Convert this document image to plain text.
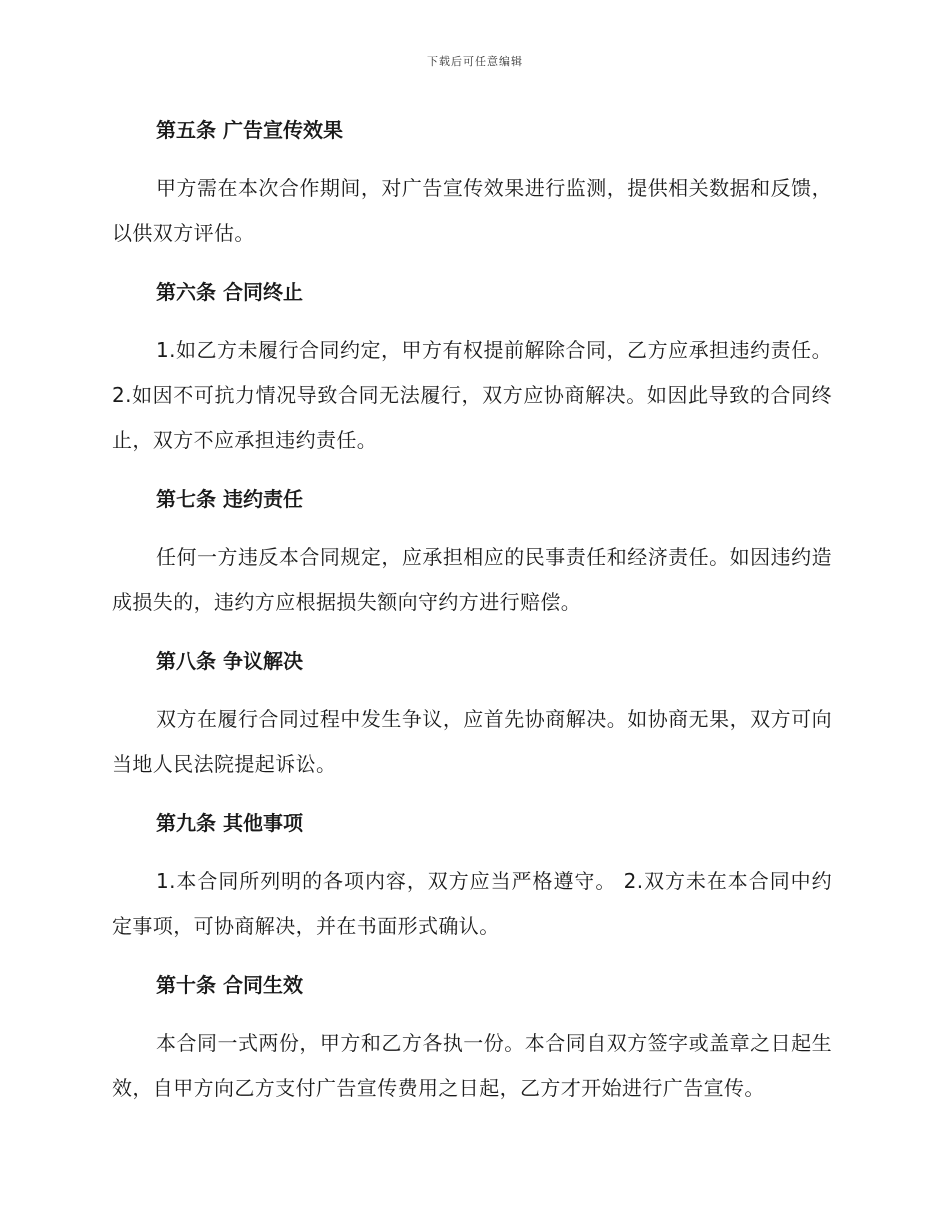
下载后可任意编辑
第五条 广告宣传效果

甲方需在本次合作期间，对广告宣传效果进行监测，提供相关数据和反馈，以供双方评估。

第六条 合同终止

1.如乙方未履行合同约定，甲方有权提前解除合同，乙方应承担违约责任。 2.如因不可抗力情况导致合同无法履行，双方应协商解决。如因此导致的合同终止，双方不应承担违约责任。

第七条 违约责任

任何一方违反本合同规定，应承担相应的民事责任和经济责任。如因违约造成损失的，违约方应根据损失额向守约方进行赔偿。

第八条 争议解决

双方在履行合同过程中发生争议，应首先协商解决。如协商无果，双方可向当地人民法院提起诉讼。

第九条 其他事项

1.本合同所列明的各项内容，双方应当严格遵守。 2.双方未在本合同中约定事项，可协商解决，并在书面形式确认。

第十条 合同生效

本合同一式两份，甲方和乙方各执一份。本合同自双方签字或盖章之日起生效，自甲方向乙方支付广告宣传费用之日起，乙方才开始进行广告宣传。
